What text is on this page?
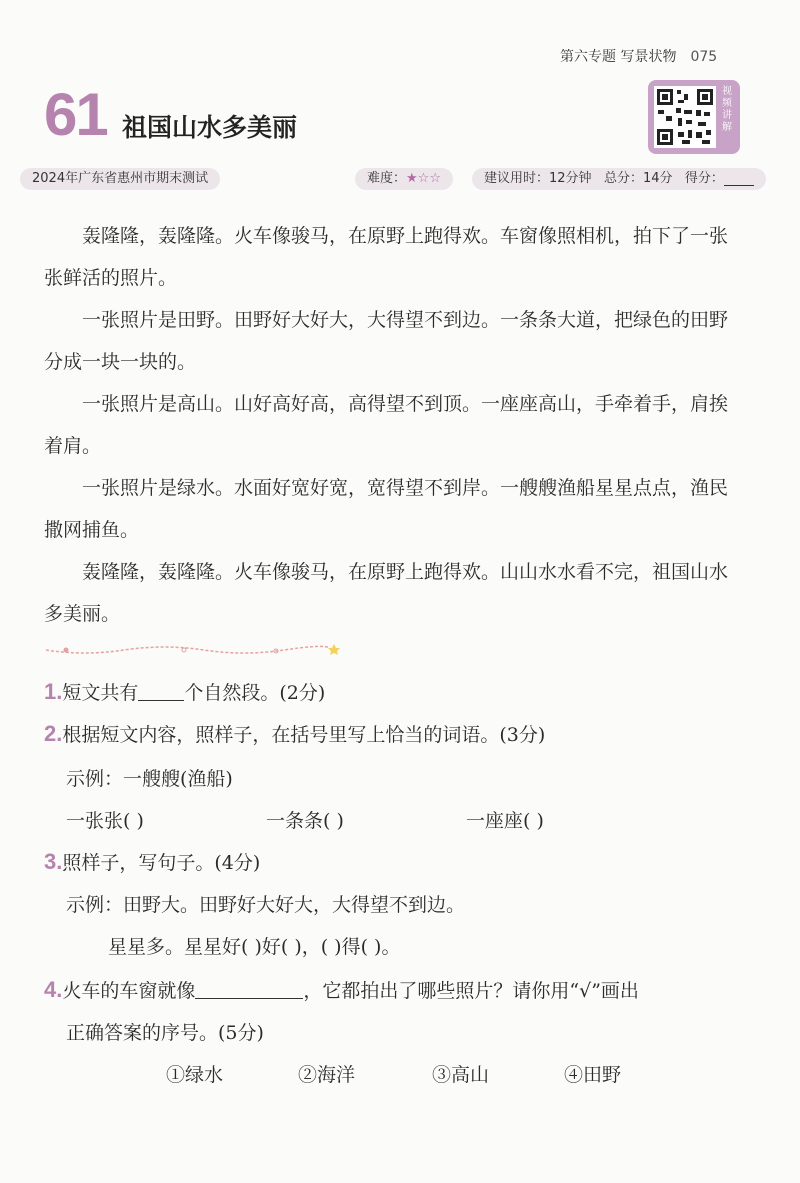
第六专题 写景状物 075
61 祖国山水多美丽
视频讲解
2024年广东省惠州市期末测试	难度：★☆☆	建议用时：12分钟 总分：14分 得分：

轰隆隆，轰隆隆。火车像骏马，在原野上跑得欢。车窗像照相机，拍下了一张张鲜活的照片。

一张照片是田野。田野好大好大，大得望不到边。一条条大道，把绿色的田野分成一块一块的。

一张照片是高山。山好高好高，高得望不到顶。一座座高山，手牵着手，肩挨着肩。

一张照片是绿水。水面好宽好宽，宽得望不到岸。一艘艘渔船星星点点，渔民撒网捕鱼。

轰隆隆，轰隆隆。火车像骏马，在原野上跑得欢。山山水水看不完，祖国山水多美丽。

1.短文共有 个自然段。(2分)
2.根据短文内容，照样子，在括号里写上恰当的词语。(3分)
示例：一艘艘(渔船)
一张张( )	一条条( )	一座座( )
3.照样子，写句子。(4分)
示例：田野大。田野好大好大，大得望不到边。
星星多。星星好( )好( )，( )得( )。
4.火车的车窗就像	，它都拍出了哪些照片？请你用“√”画出
正确答案的序号。(5分)
①绿水	②海洋	③高山	④田野
